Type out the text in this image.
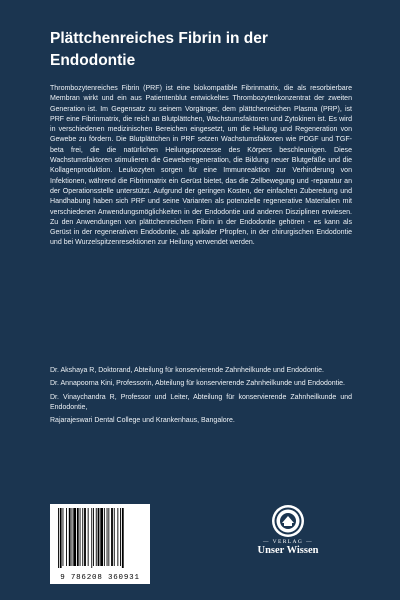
Plättchenreiches Fibrin in der
Endodontie

Thrombozytenreiches Fibrin (PRF) ist eine biokompatible Fibrinmatrix, die als resorbierbare Membran wirkt und ein aus Patientenblut entwickeltes Thrombozytenkonzentrat der zweiten Generation ist. Im Gegensatz zu seinem Vorgänger, dem plättchenreichen Plasma (PRP), ist PRF eine Fibrinmatrix, die reich an Blutplättchen, Wachstumsfaktoren und Zytokinen ist. Es wird in verschiedenen medizinischen Bereichen eingesetzt, um die Heilung und Regeneration von Gewebe zu fördern. Die Blutplättchen in PRF setzen Wachstumsfaktoren wie PDGF und TGF-beta frei, die die natürlichen Heilungsprozesse des Körpers beschleunigen. Diese Wachstumsfaktoren stimulieren die Geweberegeneration, die Bildung neuer Blutgefäße und die Kollagenproduktion. Leukozyten sorgen für eine Immunreaktion zur Verhinderung von Infektionen, während die Fibrinmatrix ein Gerüst bietet, das die Zellbewegung und -reparatur an der Operationsstelle unterstützt. Aufgrund der geringen Kosten, der einfachen Zubereitung und Handhabung haben sich PRF und seine Varianten als potenzielle regenerative Materialien mit verschiedenen Anwendungsmöglichkeiten in der Endodontie und anderen Disziplinen erwiesen. Zu den Anwendungen von plättchenreichem Fibrin in der Endodontie gehören - es kann als Gerüst in der regenerativen Endodontie, als apikaler Pfropfen, in der chirurgischen Endodontie und bei Wurzelspitzenresektionen zur Heilung verwendet werden.

Dr. Akshaya R, Doktorand, Abteilung für konservierende Zahnheilkunde und Endodontie.

Dr. Annapoorna Kini, Professorin, Abteilung für konservierende Zahnheilkunde und Endodontie.

Dr. Vinaychandra R, Professor und Leiter, Abteilung für konservierende Zahnheilkunde und Endodontie,

Rajarajeswari Dental College und Krankenhaus, Bangalore.

9 786208 360931
— VERLAG —
Unser Wissen
